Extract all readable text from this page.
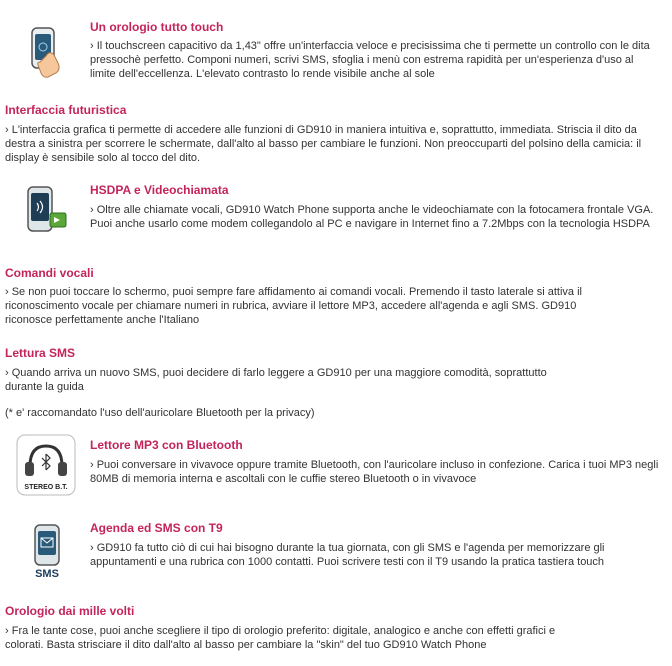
Un orologio tutto touch

› Il touchscreen capacitivo da 1,43" offre un'interfaccia veloce e precisissima che ti permette un controllo con le dita pressochè perfetto. Componi numeri, scrivi SMS, sfoglia i menù con estrema rapidità per un'esperienza d'uso al limite dell'eccellenza. L'elevato contrasto lo rende visibile anche al sole

Interfaccia futuristica

› L'interfaccia grafica ti permette di accedere alle funzioni di GD910 in maniera intuitiva e, soprattutto, immediata. Striscia il dito da destra a sinistra per scorrere le schermate, dall'alto al basso per cambiare le funzioni. Non preoccuparti del polsino della camicia: il display è sensibile solo al tocco del dito.

HSDPA e Videochiamata

› Oltre alle chiamate vocali, GD910 Watch Phone supporta anche le videochiamate con la fotocamera frontale VGA. Puoi anche usarlo come modem collegandolo al PC e navigare in Internet fino a 7.2Mbps con la tecnologia HSDPA

Comandi vocali

› Se non puoi toccare lo schermo, puoi sempre fare affidamento ai comandi vocali. Premendo il tasto laterale si attiva il riconoscimento vocale per chiamare numeri in rubrica, avviare il lettore MP3, accedere all'agenda e agli SMS. GD910 riconosce perfettamente anche l'Italiano

Lettura SMS

› Quando arriva un nuovo SMS, puoi decidere di farlo leggere a GD910 per una maggiore comodità, soprattutto durante la guida

(* e' raccomandato l'uso dell'auricolare Bluetooth per la privacy)

STEREO B.T.

Lettore MP3 con Bluetooth

› Puoi conversare in vivavoce oppure tramite Bluetooth, con l'auricolare incluso in confezione. Carica i tuoi MP3 negli 80MB di memoria interna e ascoltali con le cuffie stereo Bluetooth o in vivavoce

SMS

Agenda ed SMS con T9

› GD910 fa tutto ciò di cui hai bisogno durante la tua giornata, con gli SMS e l'agenda per memorizzare gli appuntamenti e una rubrica con 1000 contatti. Puoi scrivere testi con il T9 usando la pratica tastiera touch

Orologio dai mille volti

› Fra le tante cose, puoi anche scegliere il tipo di orologio preferito: digitale, analogico e anche con effetti grafici e colorati. Basta strisciare il dito dall'alto al basso per cambiare la "skin" del tuo GD910 Watch Phone
